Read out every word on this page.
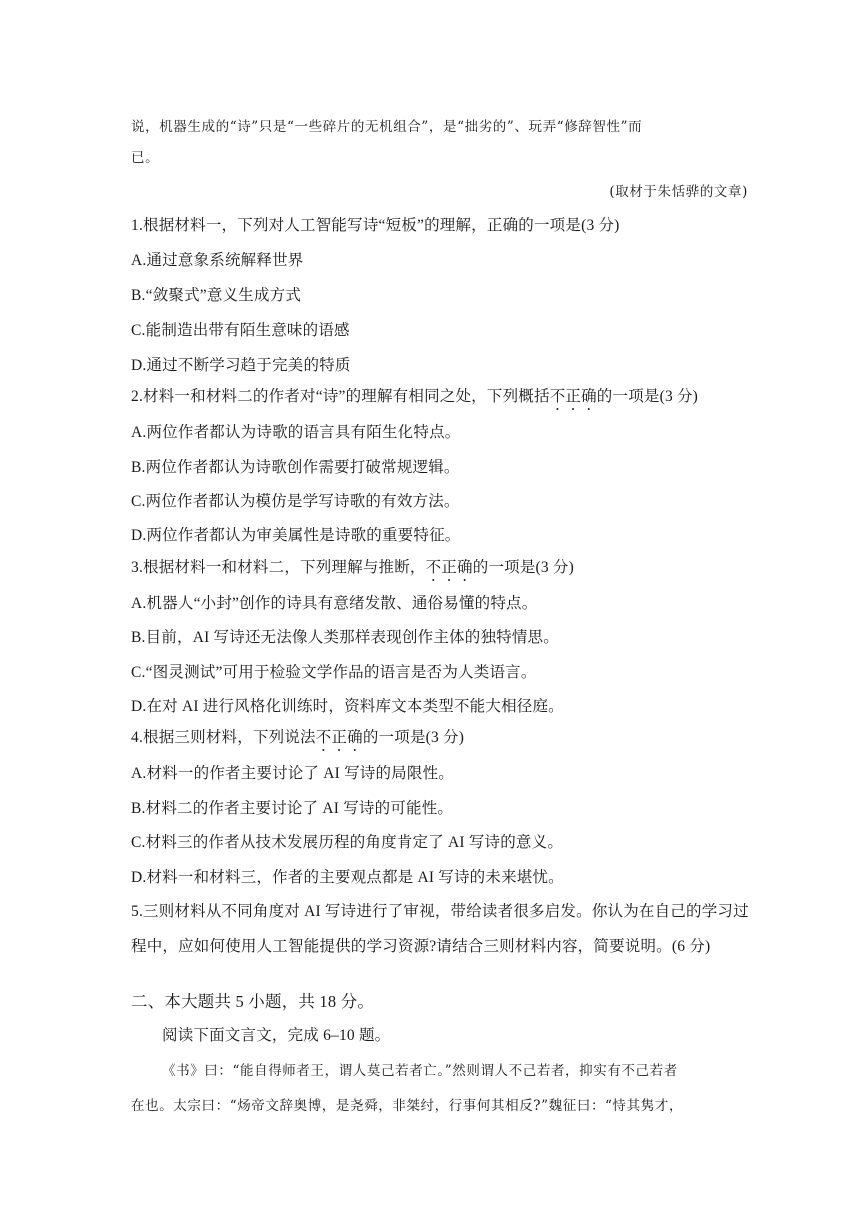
说，机器生成的“诗”只是“一些碎片的无机组合”，是“拙劣的”、玩弄“修辞智性”而
已。
(取材于朱恬骅的文章)
1.根据材料一，下列对人工智能写诗“短板”的理解，正确的一项是(3 分)
A.通过意象系统解释世界
B.“敛聚式”意义生成方式
C.能制造出带有陌生意味的语感
D.通过不断学习趋于完美的特质
2.材料一和材料二的作者对“诗”的理解有相同之处，下列概括不正确的一项是(3 分)
A.两位作者都认为诗歌的语言具有陌生化特点。
B.两位作者都认为诗歌创作需要打破常规逻辑。
C.两位作者都认为模仿是学写诗歌的有效方法。
D.两位作者都认为审美属性是诗歌的重要特征。
3.根据材料一和材料二，下列理解与推断，不正确的一项是(3 分)
A.机器人“小封”创作的诗具有意绪发散、通俗易懂的特点。
B.目前，AI 写诗还无法像人类那样表现创作主体的独特情思。
C.“图灵测试”可用于检验文学作品的语言是否为人类语言。
D.在对 AI 进行风格化训练时，资料库文本类型不能大相径庭。
4.根据三则材料，下列说法不正确的一项是(3 分)
A.材料一的作者主要讨论了 AI 写诗的局限性。
B.材料二的作者主要讨论了 AI 写诗的可能性。
C.材料三的作者从技术发展历程的角度肯定了 AI 写诗的意义。
D.材料一和材料三，作者的主要观点都是 AI 写诗的未来堪忧。
5.三则材料从不同角度对 AI 写诗进行了审视，带给读者很多启发。你认为在自己的学习过
程中，应如何使用人工智能提供的学习资源?请结合三则材料内容，简要说明。(6 分)
二、本大题共 5 小题，共 18 分。
阅读下面文言文，完成 6–10 题。
《书》曰：“能自得师者王，谓人莫己若者亡。”然则谓人不己若者，抑实有不己若者
在也。太宗曰：“炀帝文辞奥博，是尧舜，非桀纣，行事何其相反?”魏征曰：“恃其隽才，
